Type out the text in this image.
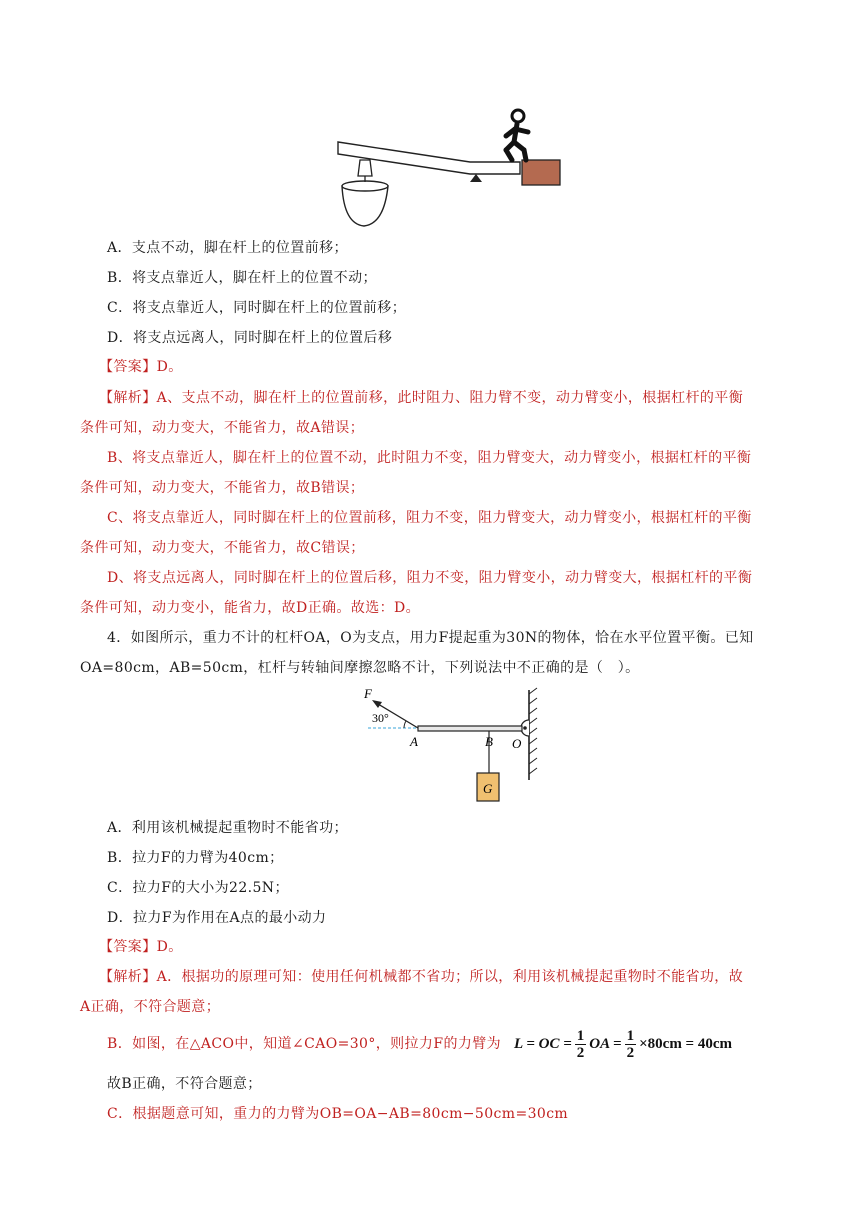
A．支点不动，脚在杆上的位置前移；
B．将支点靠近人，脚在杆上的位置不动；
C．将支点靠近人，同时脚在杆上的位置前移；
D．将支点远离人，同时脚在杆上的位置后移
【答案】D。
【解析】A、支点不动，脚在杆上的位置前移，此时阻力、阻力臂不变，动力臂变小，根据杠杆的平衡
条件可知，动力变大，不能省力，故A错误；
B、将支点靠近人，脚在杆上的位置不动，此时阻力不变，阻力臂变大，动力臂变小，根据杠杆的平衡
条件可知，动力变大，不能省力，故B错误；
C、将支点靠近人，同时脚在杆上的位置前移，阻力不变，阻力臂变大，动力臂变小，根据杠杆的平衡
条件可知，动力变大，不能省力，故C错误；
D、将支点远离人，同时脚在杆上的位置后移，阻力不变，阻力臂变小，动力臂变大，根据杠杆的平衡
条件可知，动力变小，能省力，故D正确。故选：D。
4．如图所示，重力不计的杠杆OA，O为支点，用力F提起重为30N的物体，恰在水平位置平衡。已知
OA=80cm，AB=50cm，杠杆与转轴间摩擦忽略不计，下列说法中不正确的是（　）。
F
30°
A	B O
G
A．利用该机械提起重物时不能省功；
B．拉力F的力臂为40cm；
C．拉力F的大小为22.5N；
D．拉力F为作用在A点的最小动力
【答案】D。
【解析】A．根据功的原理可知：使用任何机械都不省功；所以，利用该机械提起重物时不能省功，故
A正确，不符合题意；
B．如图，在△ACO中，知道∠CAO=30°，则拉力F的力臂为 L = OC = $\frac{1}{2}$ OA = $\frac{1}{2} \times 80cm = 40cm$
故B正确，不符合题意；
C．根据题意可知，重力的力臂为OB=OA−AB=80cm−50cm=30cm
